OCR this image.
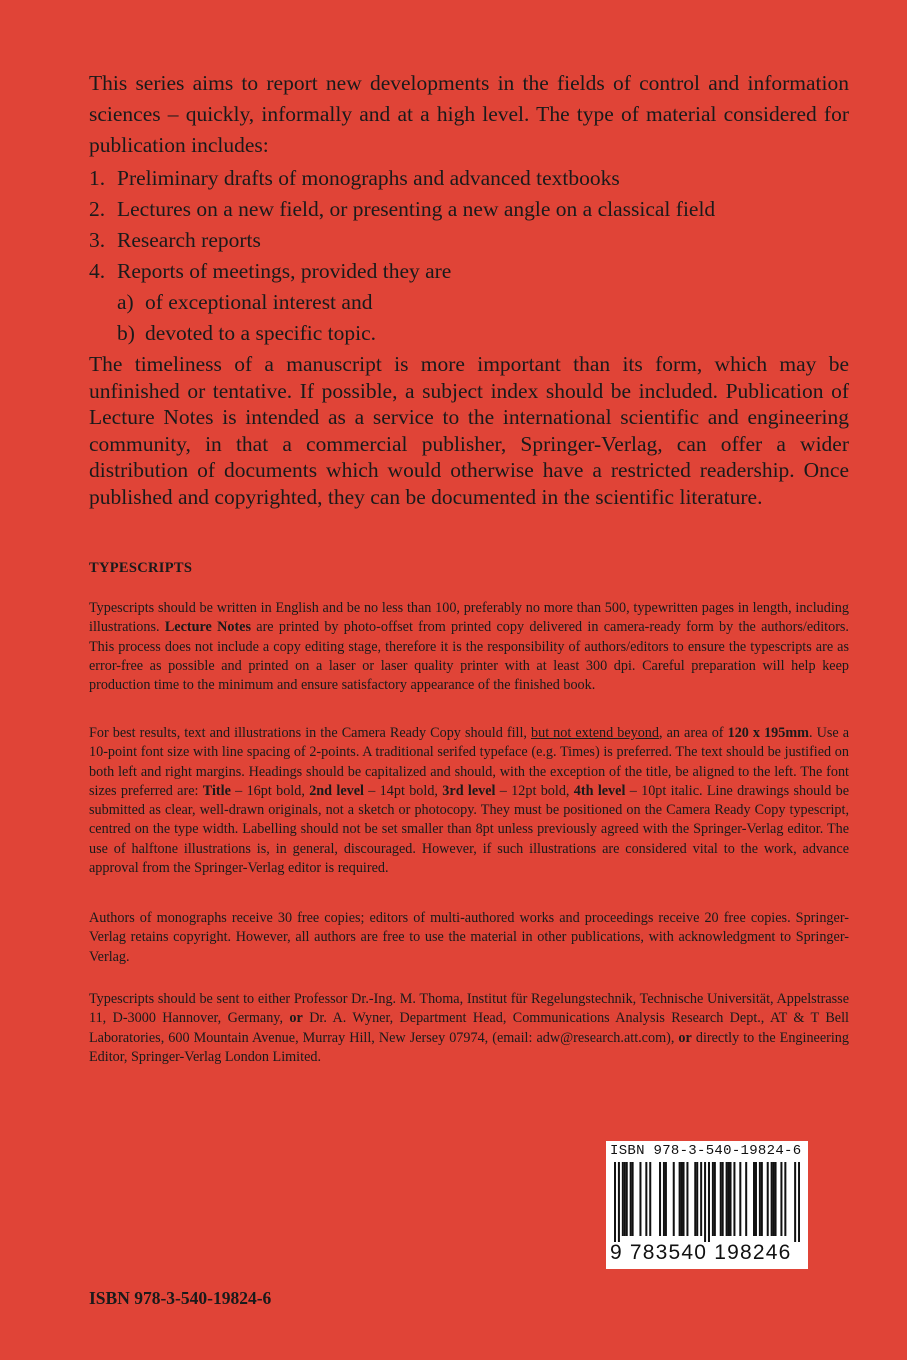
This series aims to report new developments in the fields of control and information sciences – quickly, informally and at a high level. The type of material considered for publication includes:

1. Preliminary drafts of monographs and advanced textbooks
2. Lectures on a new field, or presenting a new angle on a classical field
3. Research reports
4. Reports of meetings, provided they are
a) of exceptional interest and
b) devoted to a specific topic.

The timeliness of a manuscript is more important than its form, which may be unfinished or tentative. If possible, a subject index should be included. Publication of Lecture Notes is intended as a service to the international scientific and engineering community, in that a commercial publisher, Springer-Verlag, can offer a wider distribution of documents which would otherwise have a restricted readership. Once published and copyrighted, they can be documented in the scientific literature.

TYPESCRIPTS

Typescripts should be written in English and be no less than 100, preferably no more than 500, typewritten pages in length, including illustrations. Lecture Notes are printed by photo-offset from printed copy delivered in camera-ready form by the authors/editors. This process does not include a copy editing stage, therefore it is the responsibility of authors/editors to ensure the typescripts are as error-free as possible and printed on a laser or laser quality printer with at least 300 dpi. Careful preparation will help keep production time to the minimum and ensure satisfactory appearance of the finished book.

For best results, text and illustrations in the Camera Ready Copy should fill, but not extend beyond, an area of 120 x 195mm. Use a 10-point font size with line spacing of 2-points. A traditional serifed typeface (e.g. Times) is preferred. The text should be justified on both left and right margins. Headings should be capitalized and should, with the exception of the title, be aligned to the left. The font sizes preferred are: Title – 16pt bold, 2nd level – 14pt bold, 3rd level – 12pt bold, 4th level – 10pt italic. Line drawings should be submitted as clear, well-drawn originals, not a sketch or photocopy. They must be positioned on the Camera Ready Copy typescript, centred on the type width. Labelling should not be set smaller than 8pt unless previously agreed with the Springer-Verlag editor. The use of halftone illustrations is, in general, discouraged. However, if such illustrations are considered vital to the work, advance approval from the Springer-Verlag editor is required.

Authors of monographs receive 30 free copies; editors of multi-authored works and proceedings receive 20 free copies. Springer-Verlag retains copyright. However, all authors are free to use the material in other publications, with acknowledgment to Springer-Verlag.

Typescripts should be sent to either Professor Dr.-Ing. M. Thoma, Institut für Regelungstechnik, Technische Universität, Appelstrasse 11, D-3000 Hannover, Germany, or Dr. A. Wyner, Department Head, Communications Analysis Research Dept., AT & T Bell Laboratories, 600 Mountain Avenue, Murray Hill, New Jersey 07974, (email: adw@research.att.com), or directly to the Engineering Editor, Springer-Verlag London Limited.

ISBN 978-3-540-19824-6
9 783540 198246
ISBN 978-3-540-19824-6
